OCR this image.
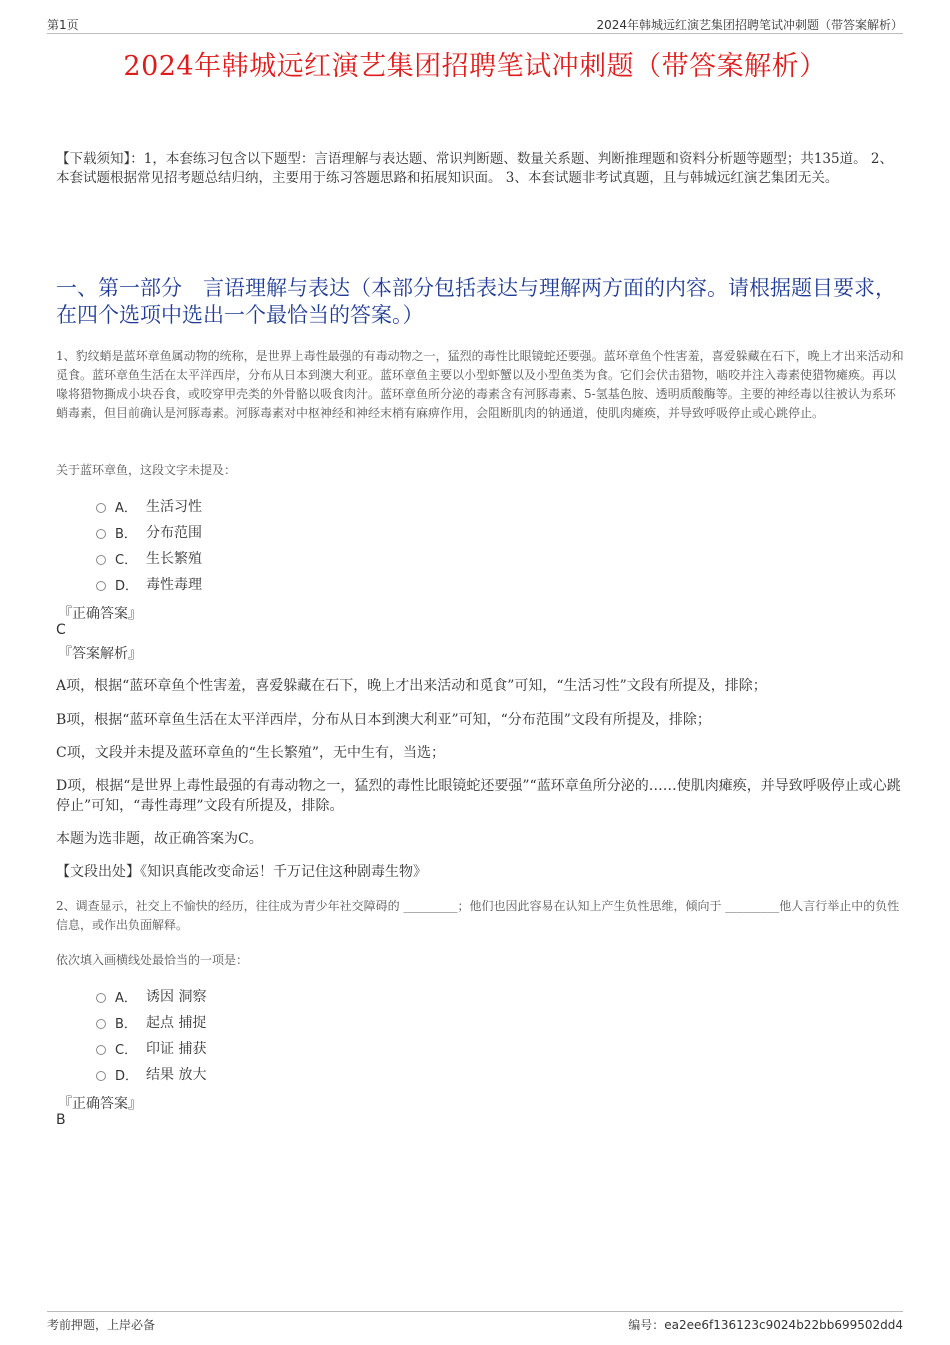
第1页	2024年韩城远红演艺集团招聘笔试冲刺题（带答案解析）
2024年韩城远红演艺集团招聘笔试冲刺题（带答案解析）
【下载须知】：1，本套练习包含以下题型：言语理解与表达题、常识判断题、数量关系题、判断推理题和资料分析题等题型；共135道。 2、本套试题根据常见招考题总结归纳，主要用于练习答题思路和拓展知识面。 3、本套试题非考试真题，且与韩城远红演艺集团无关。
一、第一部分　言语理解与表达（本部分包括表达与理解两方面的内容。请根据题目要求，在四个选项中选出一个最恰当的答案。）
1、豹纹蛸是蓝环章鱼属动物的统称，是世界上毒性最强的有毒动物之一，猛烈的毒性比眼镜蛇还要强。蓝环章鱼个性害羞，喜爱躲藏在石下，晚上才出来活动和觅食。蓝环章鱼生活在太平洋西岸，分布从日本到澳大利亚。蓝环章鱼主要以小型虾蟹以及小型鱼类为食。它们会伏击猎物，啮咬并注入毒素使猎物瘫痪。再以喙将猎物撕成小块吞食，或咬穿甲壳类的外骨骼以吸食肉汁。蓝环章鱼所分泌的毒素含有河豚毒素、5-氢基色胺、透明质酸酶等。主要的神经毒以往被认为系环蛸毒素，但目前确认是河豚毒素。河豚毒素对中枢神经和神经末梢有麻痹作用，会阻断肌肉的钠通道，使肌肉瘫痪，并导致呼吸停止或心跳停止。
关于蓝环章鱼，这段文字未提及：
A． 生活习性
B． 分布范围
C． 生长繁殖
D． 毒性毒理
『正确答案』
C
『答案解析』
A项，根据“蓝环章鱼个性害羞，喜爱躲藏在石下，晚上才出来活动和觅食”可知，“生活习性”文段有所提及，排除；
B项，根据“蓝环章鱼生活在太平洋西岸，分布从日本到澳大利亚”可知，“分布范围”文段有所提及，排除；
C项，文段并未提及蓝环章鱼的“生长繁殖”，无中生有，当选；
D项，根据“是世界上毒性最强的有毒动物之一，猛烈的毒性比眼镜蛇还要强”“蓝环章鱼所分泌的……使肌肉瘫痪，并导致呼吸停止或心跳停止”可知，“毒性毒理”文段有所提及，排除。
本题为选非题，故正确答案为C。
【文段出处】《知识真能改变命运！千万记住这种剧毒生物》
2、调查显示，社交上不愉快的经历，往往成为青少年社交障碍的 _________；他们也因此容易在认知上产生负性思维，倾向于 _________他人言行举止中的负性信息，或作出负面解释。
依次填入画横线处最恰当的一项是：
A． 诱因 洞察
B． 起点 捕捉
C． 印证 捕获
D． 结果 放大
『正确答案』
B
考前押题，上岸必备	编号：ea2ee6f136123c9024b22bb699502dd4
